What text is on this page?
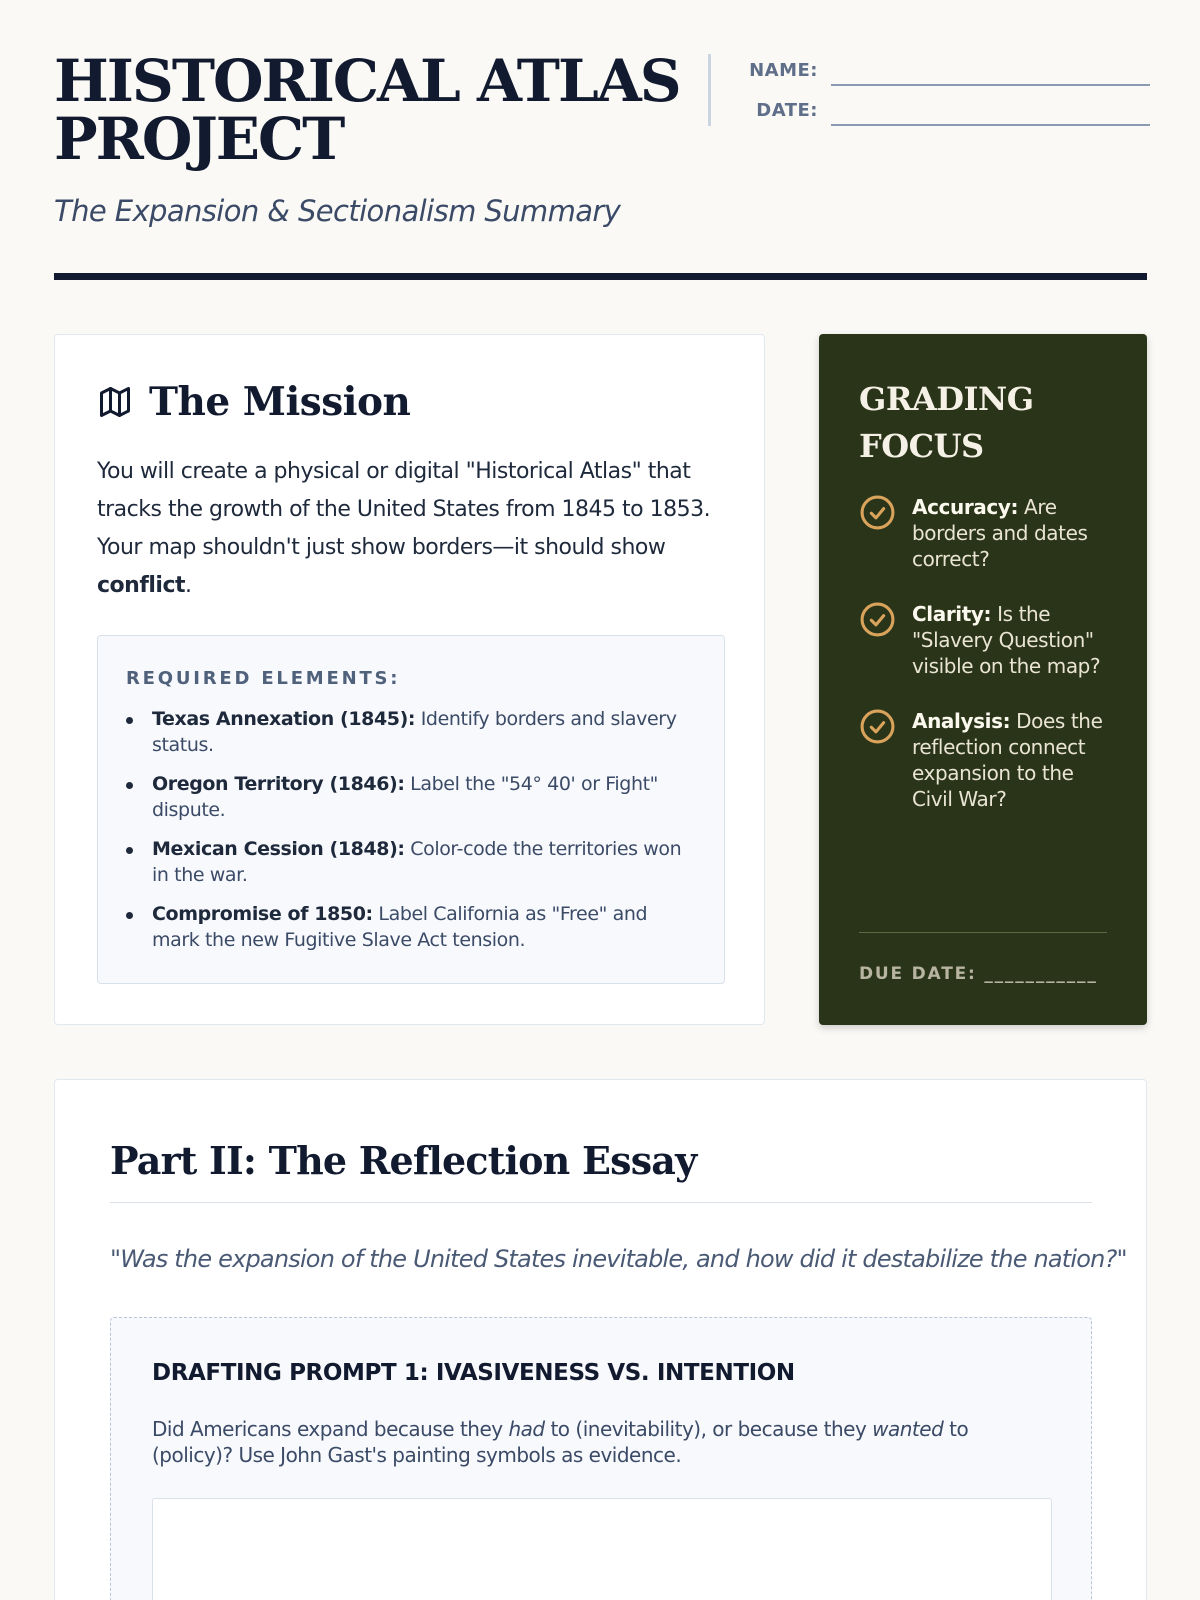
HISTORICAL ATLAS PROJECT
The Expansion & Sectionalism Summary
NAME:
DATE:
The Mission

You will create a physical or digital "Historical Atlas" that tracks the growth of the United States from 1845 to 1853. Your map shouldn't just show borders—it should show conflict.

REQUIRED ELEMENTS:
Texas Annexation (1845): Identify borders and slavery status.
Oregon Territory (1846): Label the "54° 40' or Fight" dispute.
Mexican Cession (1848): Color-code the territories won in the war.
Compromise of 1850: Label California as "Free" and mark the new Fugitive Slave Act tension.
GRADING FOCUS
Accuracy: Are borders and dates correct?
Clarity: Is the "Slavery Question" visible on the map?
Analysis: Does the reflection connect expansion to the Civil War?
DUE DATE: ___________
Part II: The Reflection Essay

"Was the expansion of the United States inevitable, and how did it destabilize the nation?"

DRAFTING PROMPT 1: IVASIVENESS VS. INTENTION

Did Americans expand because they had to (inevitability), or because they wanted to (policy)? Use John Gast's painting symbols as evidence.
